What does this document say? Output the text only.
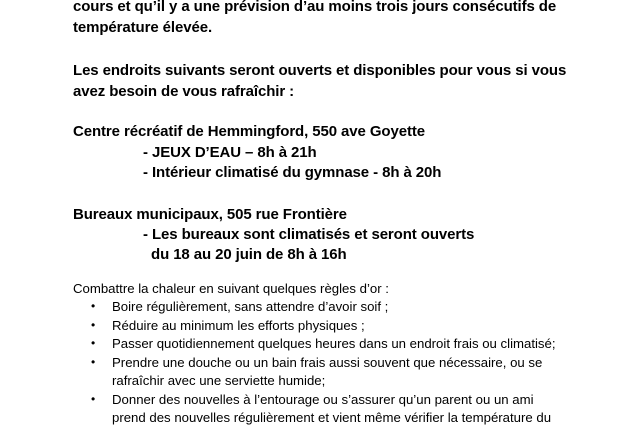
cours et qu’il y a une prévision d’au moins trois jours consécutifs de
température élevée.
Les endroits suivants seront ouverts et disponibles pour vous si vous
avez besoin de vous rafraîchir :
Centre récréatif de Hemmingford, 550 ave Goyette
- JEUX D’EAU – 8h à 21h
- Intérieur climatisé du gymnase - 8h à 20h
Bureaux municipaux, 505 rue Frontière
- Les bureaux sont climatisés et seront ouverts
du 18 au 20 juin de 8h à 16h
Combattre la chaleur en suivant quelques règles d’or :
• Boire régulièrement, sans attendre d’avoir soif ;
• Réduire au minimum les efforts physiques ;
• Passer quotidiennement quelques heures dans un endroit frais ou climatisé;
• Prendre une douche ou un bain frais aussi souvent que nécessaire, ou se
rafraîchir avec une serviette humide;
• Donner des nouvelles à l’entourage ou s’assurer qu’un parent ou un ami
prend des nouvelles régulièrement et vient même vérifier la température du
